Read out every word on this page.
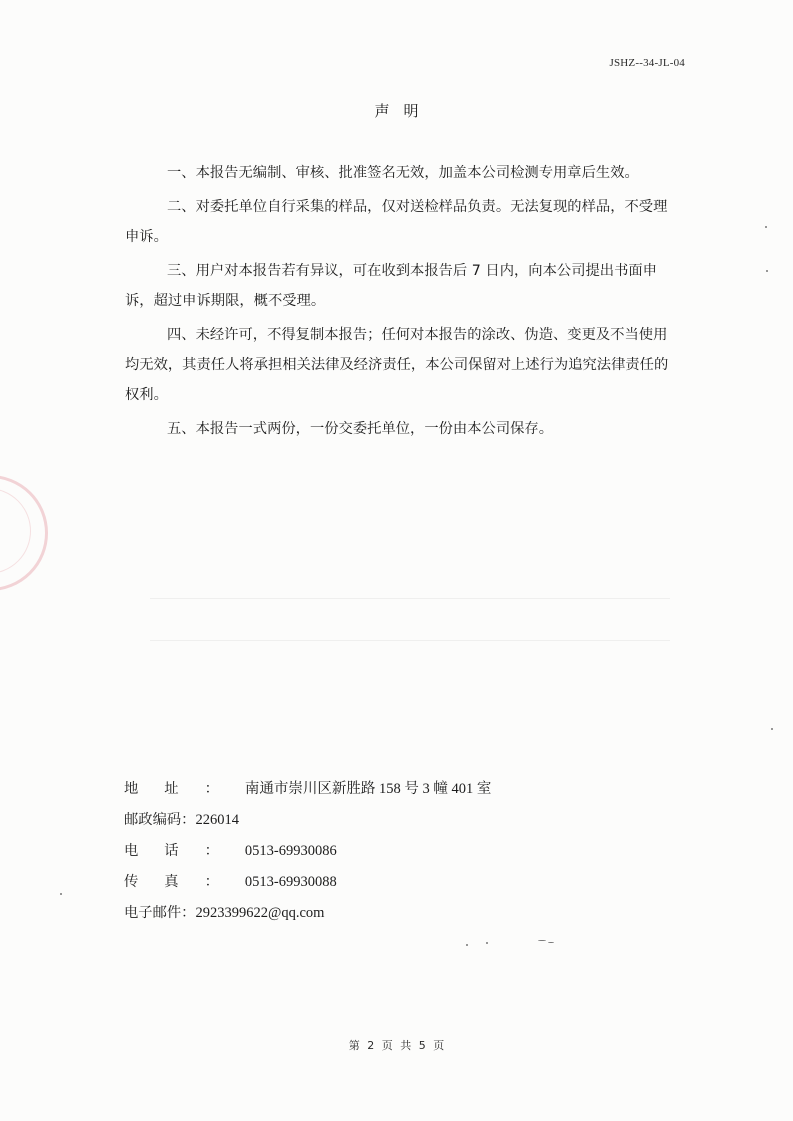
JSHZ--34-JL-04
声明

一、本报告无编制、审核、批准签名无效，加盖本公司检测专用章后生效。

二、对委托单位自行采集的样品，仅对送检样品负责。无法复现的样品，不受理申诉。

三、用户对本报告若有异议，可在收到本报告后 7 日内，向本公司提出书面申诉，超过申诉期限，概不受理。

四、未经许可，不得复制本报告；任何对本报告的涂改、伪造、变更及不当使用均无效，其责任人将承担相关法律及经济责任，本公司保留对上述行为追究法律责任的权利。

五、本报告一式两份，一份交委托单位，一份由本公司保存。

地址：南通市崇川区新胜路 158 号 3 幢 401 室
邮政编码：226014
电话：0513-69930086
传真：0513-69930088
电子邮件：2923399622@qq.com
第 2 页 共 5 页
